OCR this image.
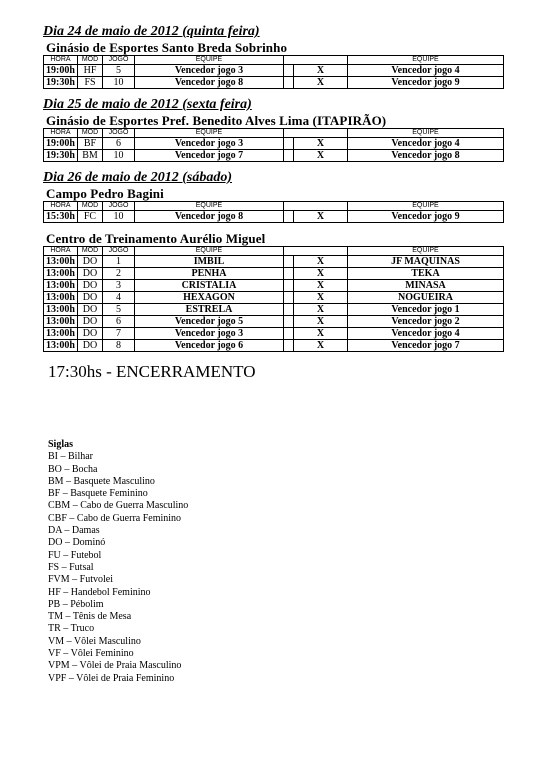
Dia 24 de maio de 2012 (quinta feira)
Ginásio de Esportes Santo Breda Sobrinho
HORA	MOD	JOGO	EQUIPE			EQUIPE
19:00h	HF	5	Vencedor jogo 3		X	Vencedor jogo 4
19:30h	FS	10	Vencedor jogo 8		X	Vencedor jogo 9
Dia 25 de maio de 2012 (sexta feira)
Ginásio de Esportes Pref. Benedito Alves Lima (ITAPIRÃO)
HORA	MOD	JOGO	EQUIPE			EQUIPE
19:00h	BF	6	Vencedor jogo 3		X	Vencedor jogo 4
19:30h	BM	10	Vencedor jogo 7		X	Vencedor jogo 8
Dia 26 de maio de 2012 (sábado)
Campo Pedro Bagini
HORA	MOD	JOGO	EQUIPE			EQUIPE
15:30h	FC	10	Vencedor jogo 8		X	Vencedor jogo 9
Centro de Treinamento Aurélio Miguel
HORA	MOD	JOGO	EQUIPE			EQUIPE
13:00h	DO	1	IMBIL		X	JF MAQUINAS
13:00h	DO	2	PENHA		X	TEKA
13:00h	DO	3	CRISTALIA		X	MINASA
13:00h	DO	4	HEXAGON		X	NOGUEIRA
13:00h	DO	5	ESTRELA		X	Vencedor jogo 1
13:00h	DO	6	Vencedor jogo 5		X	Vencedor jogo 2
13:00h	DO	7	Vencedor jogo 3		X	Vencedor jogo 4
13:00h	DO	8	Vencedor jogo 6		X	Vencedor jogo 7
17:30hs - ENCERRAMENTO
Siglas
BI – Bilhar
BO – Bocha
BM – Basquete Masculino
BF – Basquete Feminino
CBM – Cabo de Guerra Masculino
CBF – Cabo de Guerra Feminino
DA – Damas
DO – Dominó
FU – Futebol
FS – Futsal
FVM – Futvolei
HF – Handebol Feminino
PB – Pébolim
TM – Tênis de Mesa
TR – Truco
VM – Vôlei Masculino
VF – Vôlei Feminino
VPM – Vôlei de Praia Masculino
VPF – Vôlei de Praia Feminino
